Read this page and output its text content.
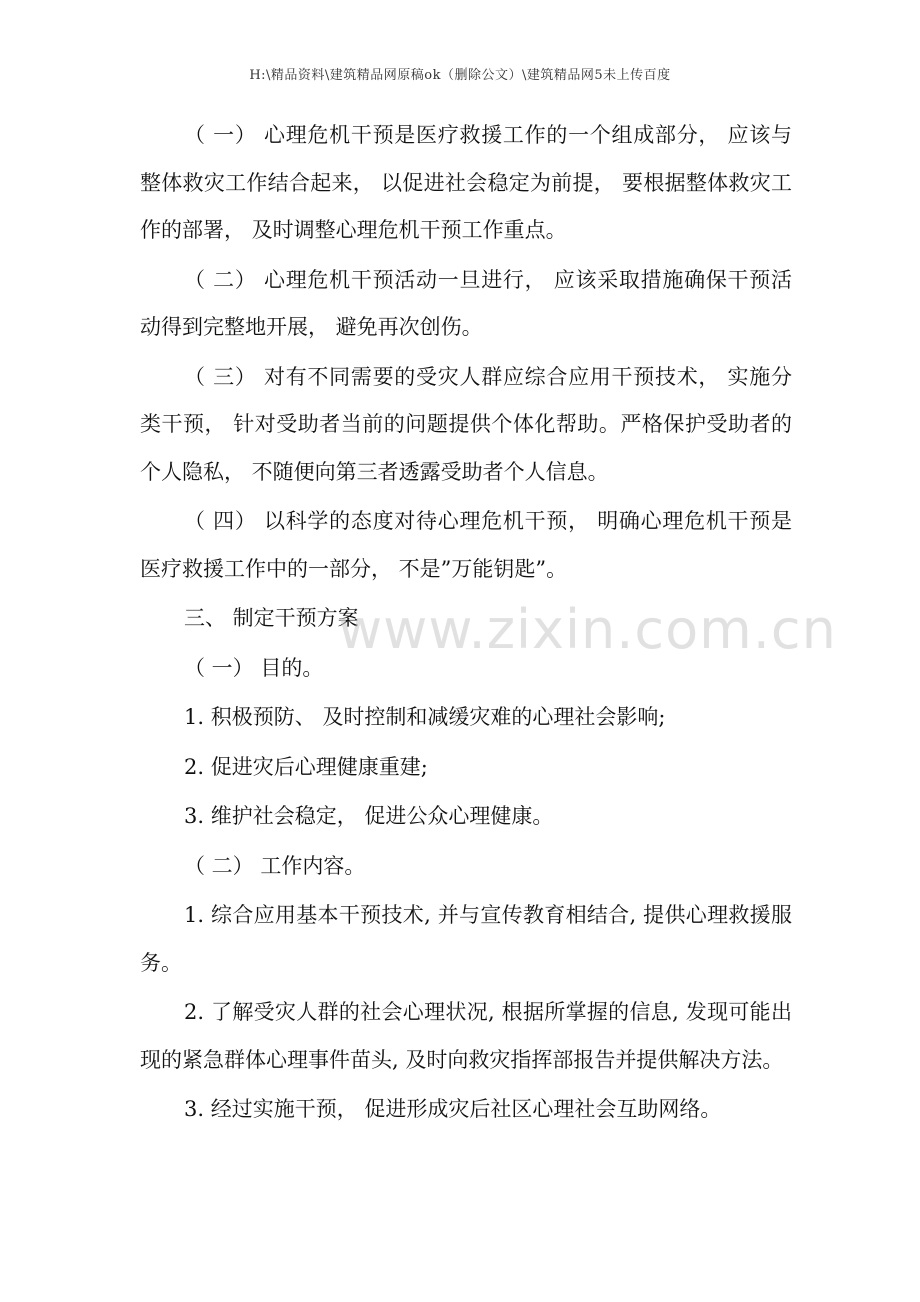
H:\精品资料\建筑精品网原稿ok（删除公文）\建筑精品网5未上传百度

（ 一） 心理危机干预是医疗救援工作的一个组成部分， 应该与整体救灾工作结合起来， 以促进社会稳定为前提， 要根据整体救灾工作的部署， 及时调整心理危机干预工作重点。

（ 二） 心理危机干预活动一旦进行， 应该采取措施确保干预活动得到完整地开展， 避免再次创伤。

（ 三） 对有不同需要的受灾人群应综合应用干预技术， 实施分类干预， 针对受助者当前的问题提供个体化帮助。严格保护受助者的个人隐私， 不随便向第三者透露受助者个人信息。

（ 四） 以科学的态度对待心理危机干预， 明确心理危机干预是医疗救援工作中的一部分， 不是”万能钥匙”。

三、 制定干预方案

（ 一） 目的。

1. 积极预防、 及时控制和减缓灾难的心理社会影响;

2. 促进灾后心理健康重建;

3. 维护社会稳定， 促进公众心理健康。

（ 二） 工作内容。

1. 综合应用基本干预技术, 并与宣传教育相结合, 提供心理救援服务。

2. 了解受灾人群的社会心理状况, 根据所掌握的信息, 发现可能出现的紧急群体心理事件苗头, 及时向救灾指挥部报告并提供解决方法。

3. 经过实施干预， 促进形成灾后社区心理社会互助网络。

www.zixin.com.cn
